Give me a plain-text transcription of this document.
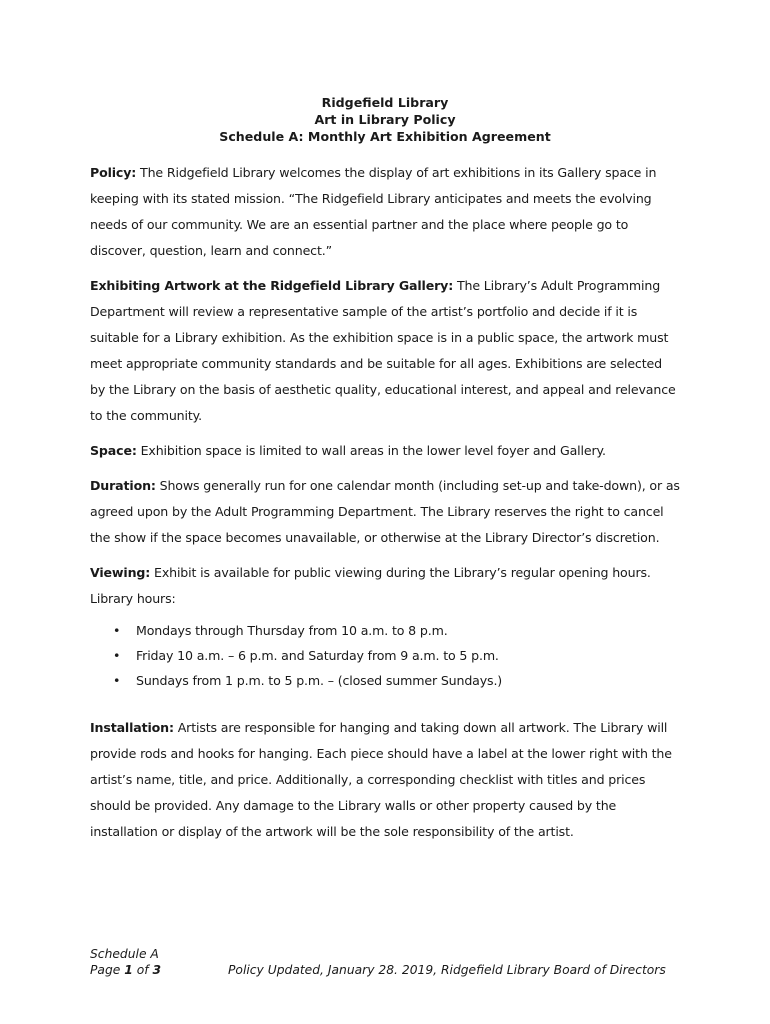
Ridgefield Library
Art in Library Policy
Schedule A: Monthly Art Exhibition Agreement

Policy: The Ridgefield Library welcomes the display of art exhibitions in its Gallery space in keeping with its stated mission. “The Ridgefield Library anticipates and meets the evolving needs of our community. We are an essential partner and the place where people go to discover, question, learn and connect.”

Exhibiting Artwork at the Ridgefield Library Gallery: The Library’s Adult Programming Department will review a representative sample of the artist’s portfolio and decide if it is suitable for a Library exhibition. As the exhibition space is in a public space, the artwork must meet appropriate community standards and be suitable for all ages. Exhibitions are selected by the Library on the basis of aesthetic quality, educational interest, and appeal and relevance to the community.

Space: Exhibition space is limited to wall areas in the lower level foyer and Gallery.

Duration: Shows generally run for one calendar month (including set-up and take-down), or as agreed upon by the Adult Programming Department. The Library reserves the right to cancel the show if the space becomes unavailable, or otherwise at the Library Director’s discretion.

Viewing: Exhibit is available for public viewing during the Library’s regular opening hours. Library hours:

• Mondays through Thursday from 10 a.m. to 8 p.m.
• Friday 10 a.m. – 6 p.m. and Saturday from 9 a.m. to 5 p.m.
• Sundays from 1 p.m. to 5 p.m. – (closed summer Sundays.)

Installation: Artists are responsible for hanging and taking down all artwork. The Library will provide rods and hooks for hanging. Each piece should have a label at the lower right with the artist’s name, title, and price. Additionally, a corresponding checklist with titles and prices should be provided. Any damage to the Library walls or other property caused by the installation or display of the artwork will be the sole responsibility of the artist.

Schedule A
Page 1 of 3	Policy Updated, January 28. 2019, Ridgefield Library Board of Directors
